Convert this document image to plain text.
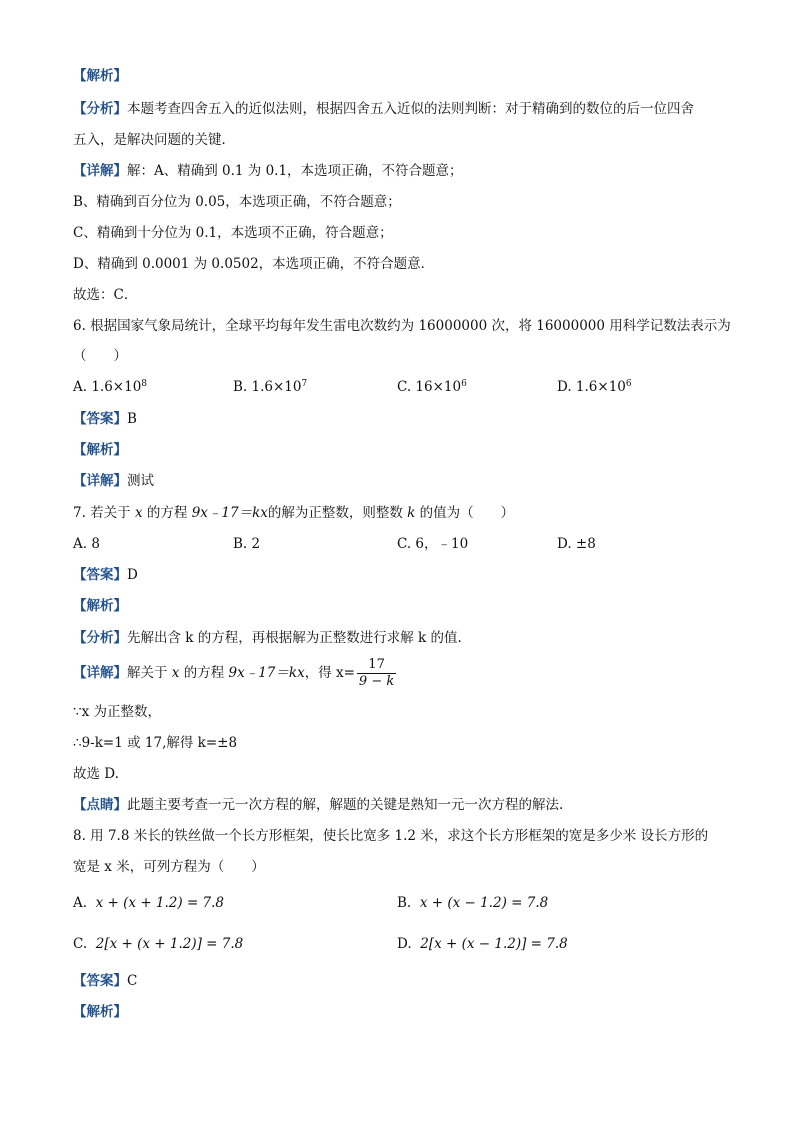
【解析】
【分析】本题考查四舍五入的近似法则，根据四舍五入近似的法则判断：对于精确到的数位的后一位四舍
五入，是解决问题的关键．
【详解】解：A、精确到 0.1 为 0.1，本选项正确，不符合题意；
B、精确到百分位为 0.05，本选项正确，不符合题意；
C、精确到十分位为 0.1，本选项不正确，符合题意；
D、精确到 0.0001 为 0.0502，本选项正确，不符合题意．
故选：C．
6. 根据国家气象局统计，全球平均每年发生雷电次数约为 16000000 次，将 16000000 用科学记数法表示为
（　　）
A. $1.6\times 10^8$	B. $1.6\times 10^7$	C. $16\times 10^6$	D. $1.6\times 10^6$
【答案】B
【解析】
【详解】测试
7. 若关于 x 的方程 9x﹣17＝kx的解为正整数，则整数 k 的值为（　　）
A. 8	B. 2	C. 6，﹣10	D. ±8
【答案】D
【解析】
【分析】先解出含 k 的方程，再根据解为正整数进行求解 k 的值.
【详解】解关于 x 的方程 9x﹣17＝kx，得 $x= \frac{17}{9 - k}$
∵x 为正整数，
∴9-k=1 或 17,解得 k=±8
故选 D.
【点睛】此题主要考查一元一次方程的解，解题的关键是熟知一元一次方程的解法.
8. 用 7.8 米长的铁丝做一个长方形框架，使长比宽多 1.2 米，求这个长方形框架的宽是多少米 设长方形的
宽是 x 米，可列方程为（　　）
A. x + (x + 1.2) = 7.8	B. x + (x − 1.2) = 7.8
C. 2[x + (x + 1.2)] = 7.8	D. 2[x + (x − 1.2)] = 7.8
【答案】C
【解析】
